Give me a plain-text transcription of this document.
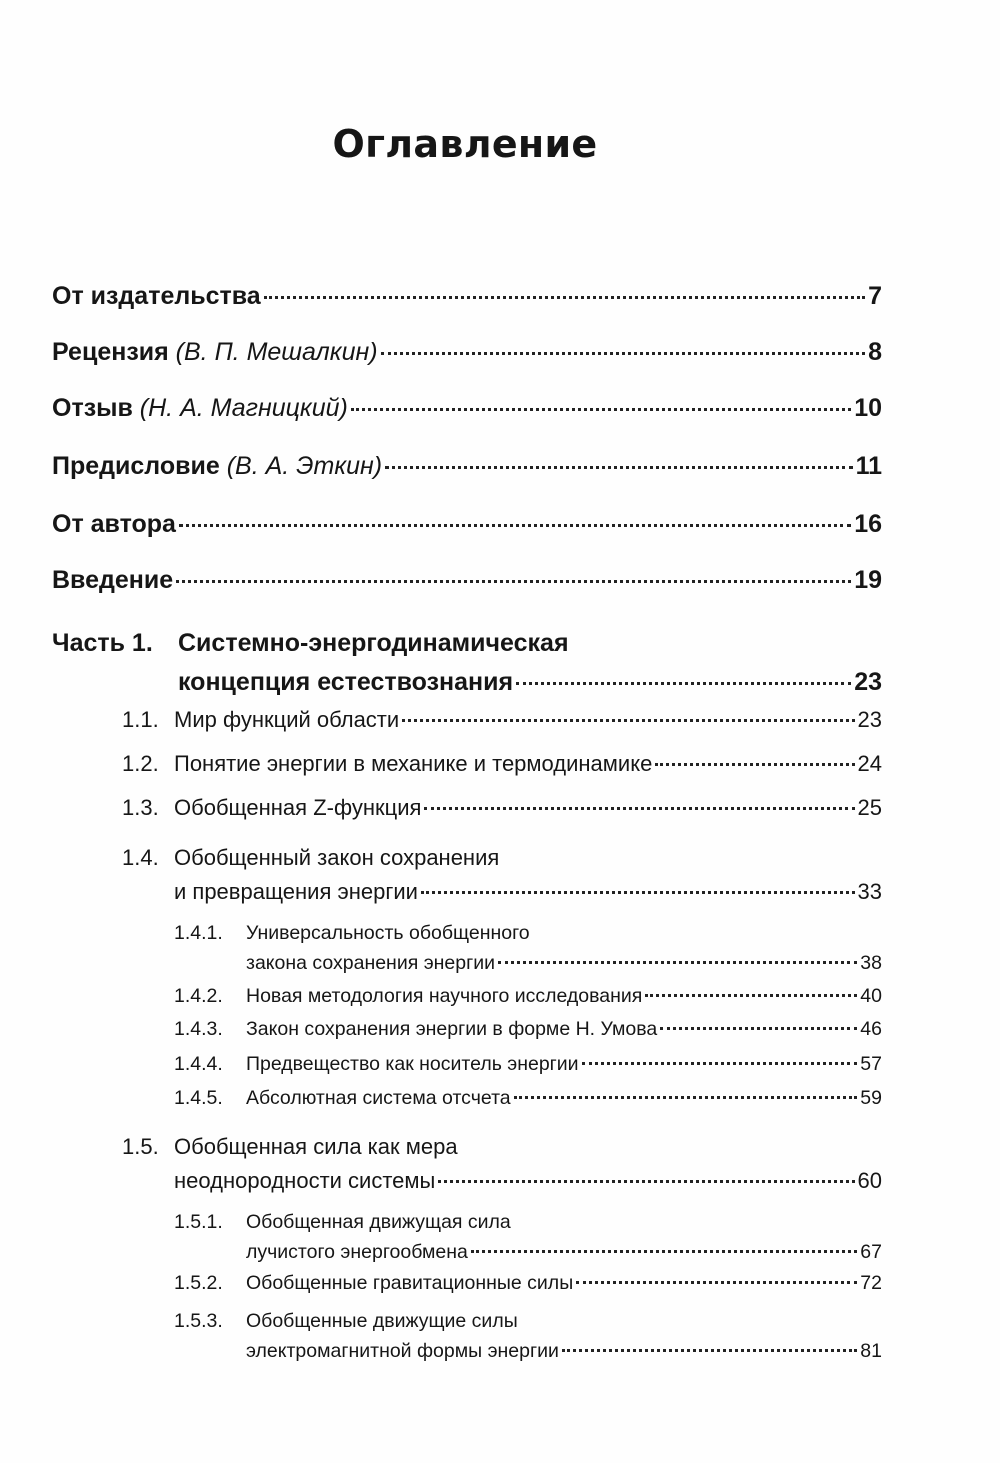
Оглавление
От издательства	7
Рецензия (В. П. Мешалкин)	8
Отзыв (Н. А. Магницкий)	10
Предисловие (В. А. Эткин)	11
От автора	16
Введение	19
Часть 1. Системно-энергодинамическая
концепция естествознания	23
1.1. Мир функций области	23
1.2. Понятие энергии в механике и термодинамике	24
1.3. Обобщенная Z-функция	25
1.4. Обобщенный закон сохранения
и превращения энергии	33
1.4.1. Универсальность обобщенного
закона сохранения энергии	38
1.4.2. Новая методология научного исследования	40
1.4.3. Закон сохранения энергии в форме Н. Умова	46
1.4.4. Предвещество как носитель энергии	57
1.4.5. Абсолютная система отсчета	59
1.5. Обобщенная сила как мера
неоднородности системы	60
1.5.1. Обобщенная движущая сила
лучистого энергообмена	67
1.5.2. Обобщенные гравитационные силы	72
1.5.3. Обобщенные движущие силы
электромагнитной формы энергии	81
